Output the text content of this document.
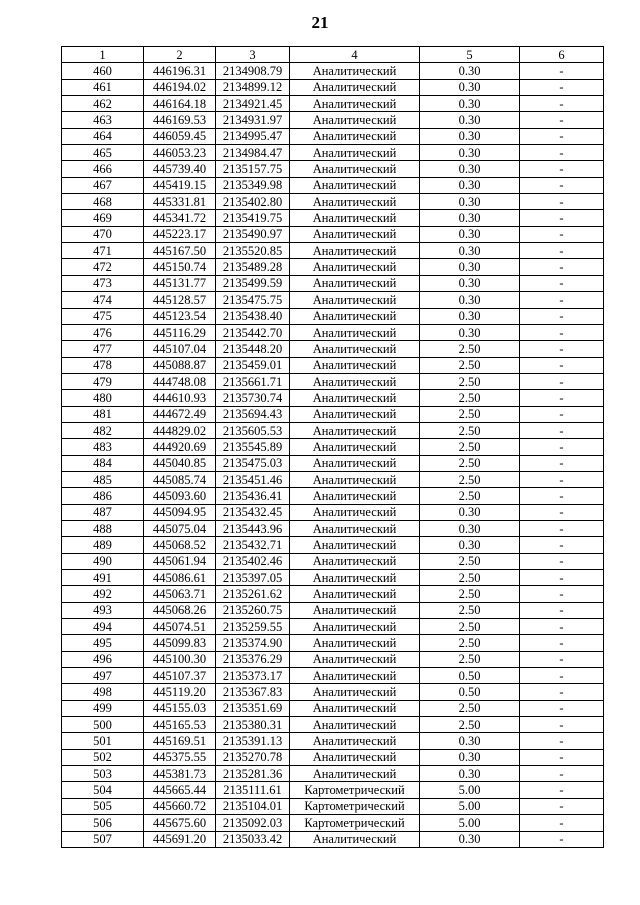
21
1	2	3	4	5	6
460	446196.31	2134908.79	Аналитический	0.30	-
461	446194.02	2134899.12	Аналитический	0.30	-
462	446164.18	2134921.45	Аналитический	0.30	-
463	446169.53	2134931.97	Аналитический	0.30	-
464	446059.45	2134995.47	Аналитический	0.30	-
465	446053.23	2134984.47	Аналитический	0.30	-
466	445739.40	2135157.75	Аналитический	0.30	-
467	445419.15	2135349.98	Аналитический	0.30	-
468	445331.81	2135402.80	Аналитический	0.30	-
469	445341.72	2135419.75	Аналитический	0.30	-
470	445223.17	2135490.97	Аналитический	0.30	-
471	445167.50	2135520.85	Аналитический	0.30	-
472	445150.74	2135489.28	Аналитический	0.30	-
473	445131.77	2135499.59	Аналитический	0.30	-
474	445128.57	2135475.75	Аналитический	0.30	-
475	445123.54	2135438.40	Аналитический	0.30	-
476	445116.29	2135442.70	Аналитический	0.30	-
477	445107.04	2135448.20	Аналитический	2.50	-
478	445088.87	2135459.01	Аналитический	2.50	-
479	444748.08	2135661.71	Аналитический	2.50	-
480	444610.93	2135730.74	Аналитический	2.50	-
481	444672.49	2135694.43	Аналитический	2.50	-
482	444829.02	2135605.53	Аналитический	2.50	-
483	444920.69	2135545.89	Аналитический	2.50	-
484	445040.85	2135475.03	Аналитический	2.50	-
485	445085.74	2135451.46	Аналитический	2.50	-
486	445093.60	2135436.41	Аналитический	2.50	-
487	445094.95	2135432.45	Аналитический	0.30	-
488	445075.04	2135443.96	Аналитический	0.30	-
489	445068.52	2135432.71	Аналитический	0.30	-
490	445061.94	2135402.46	Аналитический	2.50	-
491	445086.61	2135397.05	Аналитический	2.50	-
492	445063.71	2135261.62	Аналитический	2.50	-
493	445068.26	2135260.75	Аналитический	2.50	-
494	445074.51	2135259.55	Аналитический	2.50	-
495	445099.83	2135374.90	Аналитический	2.50	-
496	445100.30	2135376.29	Аналитический	2.50	-
497	445107.37	2135373.17	Аналитический	0.50	-
498	445119.20	2135367.83	Аналитический	0.50	-
499	445155.03	2135351.69	Аналитический	2.50	-
500	445165.53	2135380.31	Аналитический	2.50	-
501	445169.51	2135391.13	Аналитический	0.30	-
502	445375.55	2135270.78	Аналитический	0.30	-
503	445381.73	2135281.36	Аналитический	0.30	-
504	445665.44	2135111.61	Картометрический	5.00	-
505	445660.72	2135104.01	Картометрический	5.00	-
506	445675.60	2135092.03	Картометрический	5.00	-
507	445691.20	2135033.42	Аналитический	0.30	-
